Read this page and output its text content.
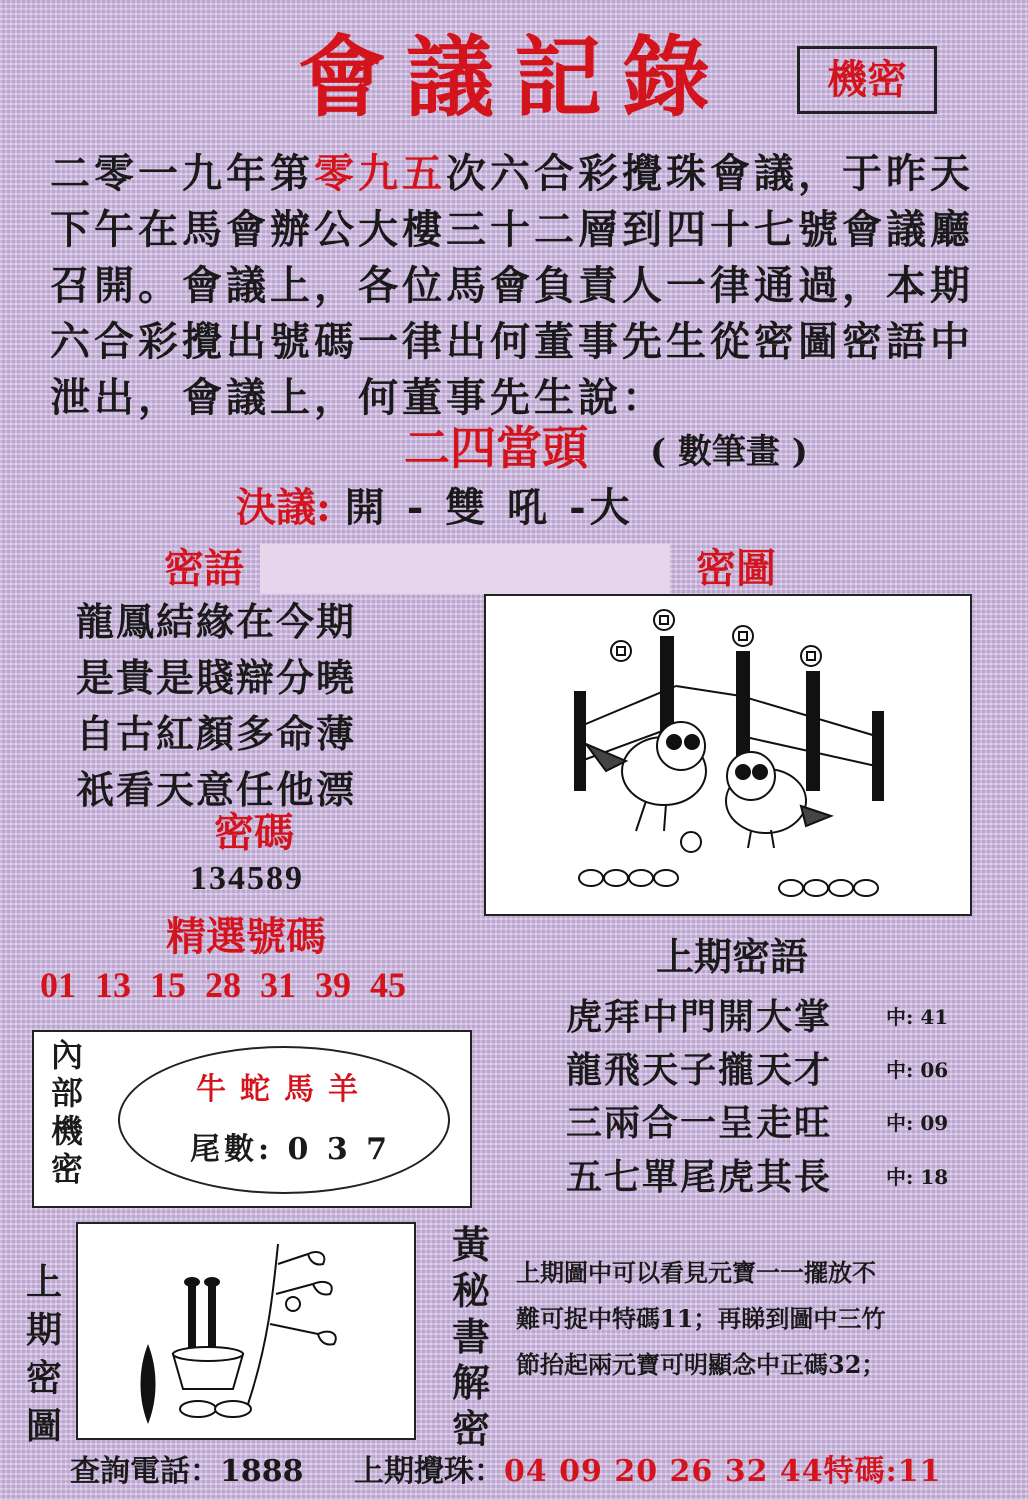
會議記錄	機密

二零一九年第零九五次六合彩攪珠會議，于昨天

下午在馬會辦公大樓三十二層到四十七號會議廳

召開。會議上，各位馬會負責人一律通過，本期

六合彩攪出號碼一律出何董事先生從密圖密語中

泄出，會議上，何董事先生說：

二四當頭 ( 數筆畫 )
決議: 開 - 雙 吼 -大
密語	密圖

龍鳳結緣在今期

是貴是賤辯分曉

自古紅顏多命薄

祇看天意任他漂

密碼
134589
精選號碼
01 13 15 28 31 39 45
上期密語
虎拜中門開大掌	中: 41
龍飛天子攏天才	中: 06
三兩合一呈走旺	中: 09
五七單尾虎其長	中: 18
內
部
機
密
牛蛇馬羊
尾數: 0 3 7
上
期
密
圖
黃
秘
書
解
密

上期圖中可以看見元寶一一擺放不

難可捉中特碼11；再睇到圖中三竹

節抬起兩元寶可明顯念中正碼32；

查詢電話：1888 上期攪珠：04 09 20 26 32 44特碼:11
